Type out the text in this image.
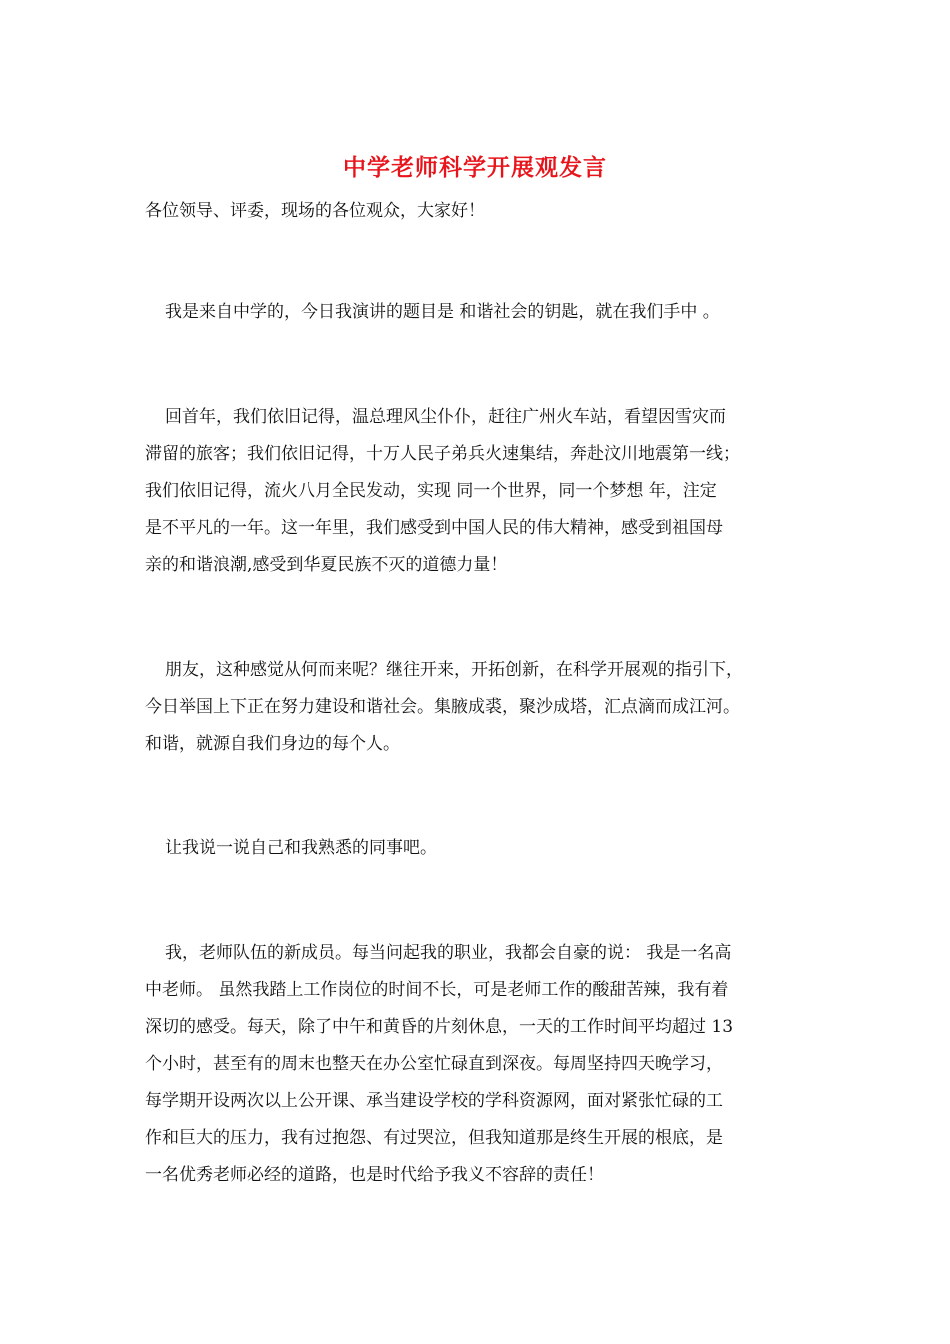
中学老师科学开展观发言
各位领导、评委，现场的各位观众，大家好！
我是来自中学的，今日我演讲的题目是 和谐社会的钥匙，就在我们手中 。
回首年，我们依旧记得，温总理风尘仆仆，赶往广州火车站，看望因雪灾而
滞留的旅客；我们依旧记得，十万人民子弟兵火速集结，奔赴汶川地震第一线；
我们依旧记得，流火八月全民发动，实现 同一个世界，同一个梦想 年，注定
是不平凡的一年。这一年里，我们感受到中国人民的伟大精神，感受到祖国母
亲的和谐浪潮,感受到华夏民族不灭的道德力量！
朋友，这种感觉从何而来呢？继往开来，开拓创新，在科学开展观的指引下，
今日举国上下正在努力建设和谐社会。集腋成裘，聚沙成塔，汇点滴而成江河。
和谐，就源自我们身边的每个人。
让我说一说自己和我熟悉的同事吧。
我，老师队伍的新成员。每当问起我的职业，我都会自豪的说： 我是一名高
中老师。 虽然我踏上工作岗位的时间不长，可是老师工作的酸甜苦辣，我有着
深切的感受。每天，除了中午和黄昏的片刻休息，一天的工作时间平均超过 13
个小时，甚至有的周末也整天在办公室忙碌直到深夜。每周坚持四天晚学习，
每学期开设两次以上公开课、承当建设学校的学科资源网，面对紧张忙碌的工
作和巨大的压力，我有过抱怨、有过哭泣，但我知道那是终生开展的根底，是
一名优秀老师必经的道路，也是时代给予我义不容辞的责任！
